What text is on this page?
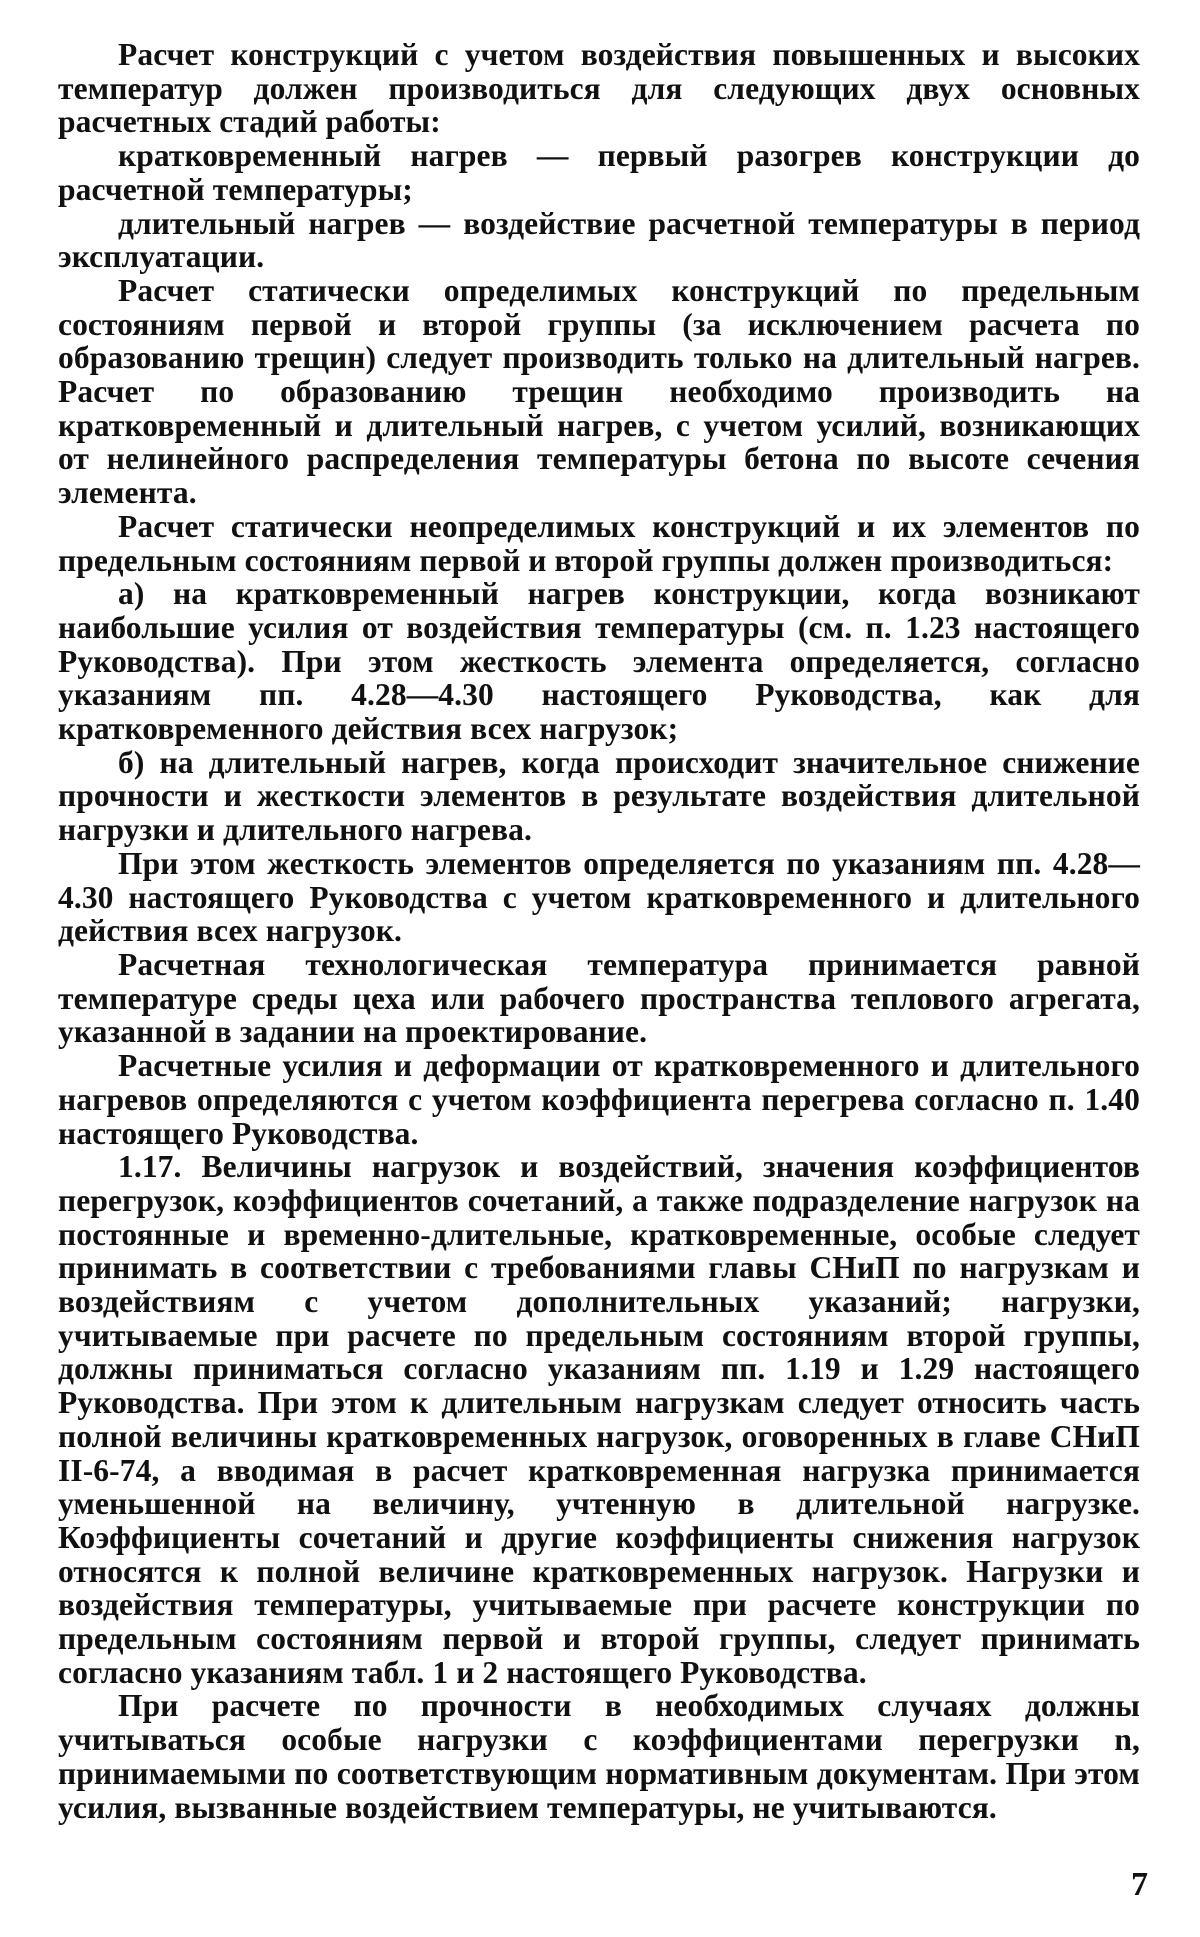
Расчет конструкций с учетом воздействия повышенных и высоких температур должен производиться для следующих двух основных расчетных стадий работы:

кратковременный нагрев — первый разогрев конструкции до расчетной температуры;

длительный нагрев — воздействие расчетной температуры в период эксплуатации.

Расчет статически определимых конструкций по предельным состояниям первой и второй группы (за исключением расчета по образованию трещин) следует производить только на длительный нагрев. Расчет по образованию трещин необходимо производить на кратковременный и длительный нагрев, с учетом усилий, возникающих от нелинейного распределения температуры бетона по высоте сечения элемента.

Расчет статически неопределимых конструкций и их элементов по предельным состояниям первой и второй группы должен производиться:

а) на кратковременный нагрев конструкции, когда возникают наибольшие усилия от воздействия температуры (см. п. 1.23 настоящего Руководства). При этом жесткость элемента определяется, согласно указаниям пп. 4.28—4.30 настоящего Руководства, как для кратковременного действия всех нагрузок;

б) на длительный нагрев, когда происходит значительное снижение прочности и жесткости элементов в результате воздействия длительной нагрузки и длительного нагрева.

При этом жесткость элементов определяется по указаниям пп. 4.28—4.30 настоящего Руководства с учетом кратковременного и длительного действия всех нагрузок.

Расчетная технологическая температура принимается равной температуре среды цеха или рабочего пространства теплового агрегата, указанной в задании на проектирование.

Расчетные усилия и деформации от кратковременного и длительного нагревов определяются с учетом коэффициента перегрева согласно п. 1.40 настоящего Руководства.

1.17. Величины нагрузок и воздействий, значения коэффициентов перегрузок, коэффициентов сочетаний, а также подразделение нагрузок на постоянные и временно-длительные, кратковременные, особые следует принимать в соответствии с требованиями главы СНиП по нагрузкам и воздействиям с учетом дополнительных указаний; нагрузки, учитываемые при расчете по предельным состояниям второй группы, должны приниматься согласно указаниям пп. 1.19 и 1.29 настоящего Руководства. При этом к длительным нагрузкам следует относить часть полной величины кратковременных нагрузок, оговоренных в главе СНиП II-6-74, а вводимая в расчет кратковременная нагрузка принимается уменьшенной на величину, учтенную в длительной нагрузке. Коэффициенты сочетаний и другие коэффициенты снижения нагрузок относятся к полной величине кратковременных нагрузок. Нагрузки и воздействия температуры, учитываемые при расчете конструкции по предельным состояниям первой и второй группы, следует принимать согласно указаниям табл. 1 и 2 настоящего Руководства.

При расчете по прочности в необходимых случаях должны учитываться особые нагрузки с коэффициентами перегрузки n, принимаемыми по соответствующим нормативным документам. При этом усилия, вызванные воздействием температуры, не учитываются.

7
